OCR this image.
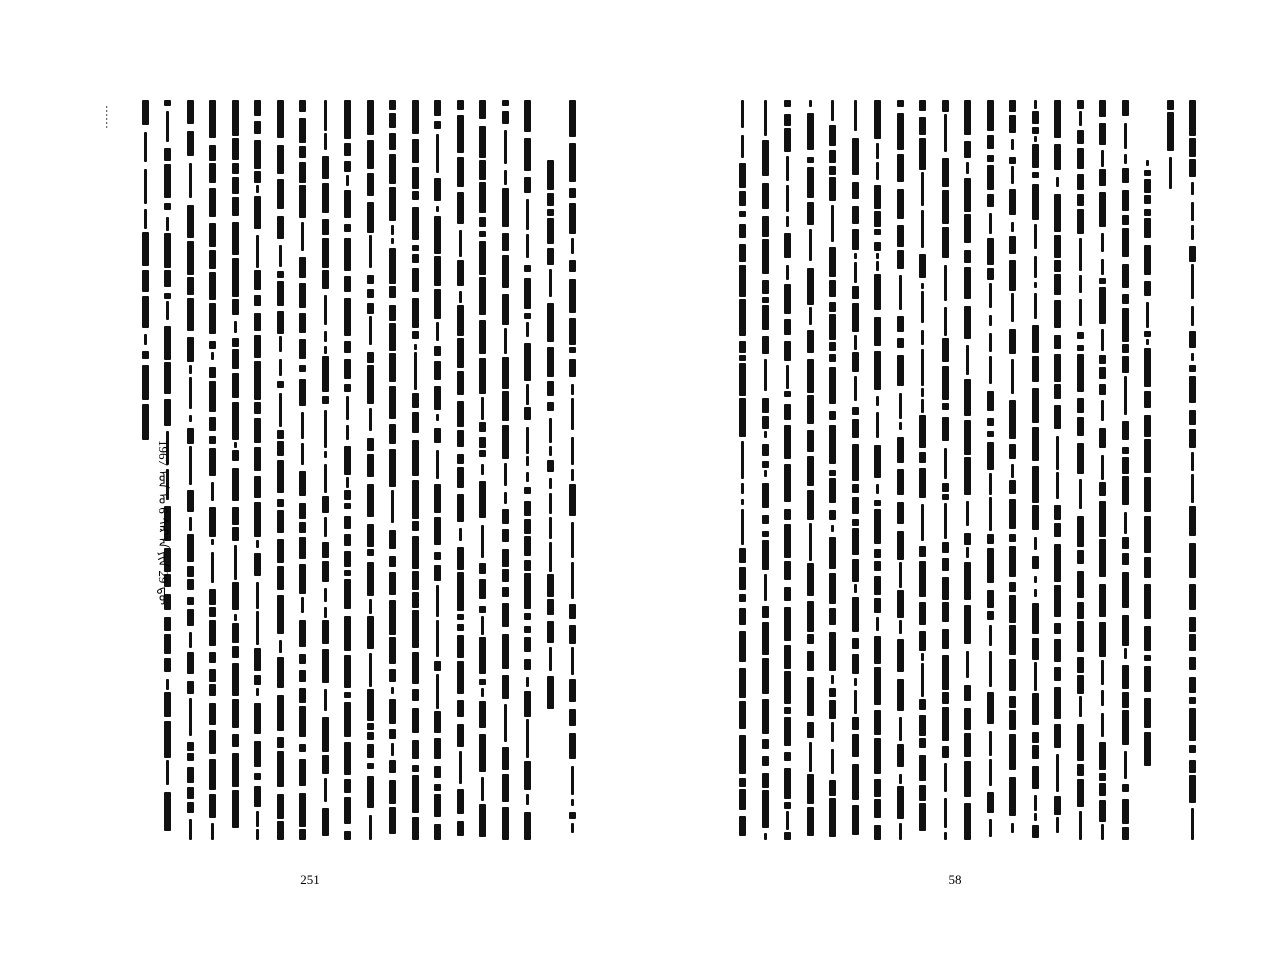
……
1967 ᠣᠨ ᠤ 6 ᠰᠠᠷ᠎ᠠ ᠶᠢᠨ 29 ᠳᠦ
251	58
